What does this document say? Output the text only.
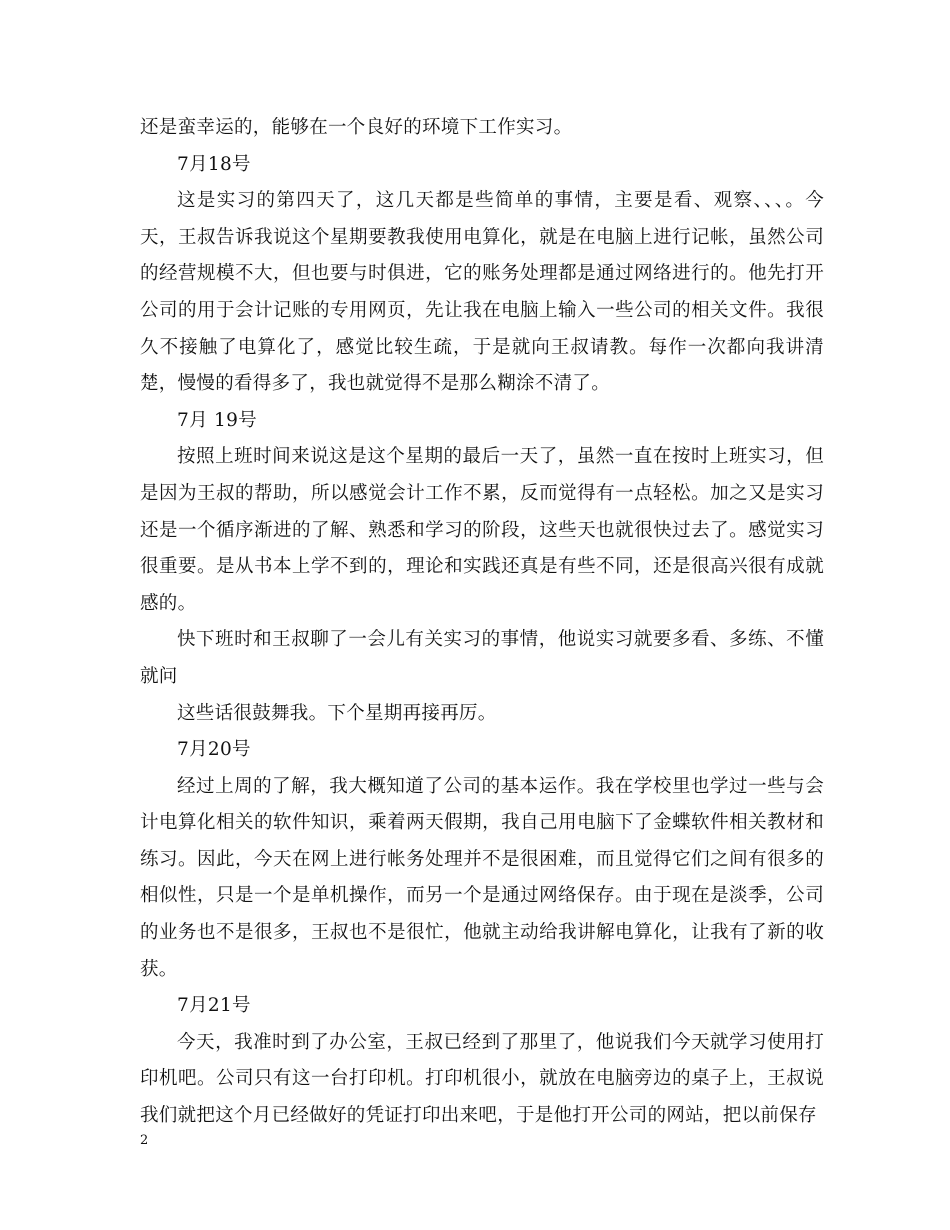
还是蛮幸运的，能够在一个良好的环境下工作实习。

7月18号

这是实习的第四天了，这几天都是些简单的事情，主要是看、观察、、、。今天，王叔告诉我说这个星期要教我使用电算化，就是在电脑上进行记帐，虽然公司的经营规模不大，但也要与时俱进，它的账务处理都是通过网络进行的。他先打开公司的用于会计记账的专用网页，先让我在电脑上输入一些公司的相关文件。我很久不接触了电算化了，感觉比较生疏，于是就向王叔请教。每作一次都向我讲清楚，慢慢的看得多了，我也就觉得不是那么糊涂不清了。

7月 19号

按照上班时间来说这是这个星期的最后一天了，虽然一直在按时上班实习，但是因为王叔的帮助，所以感觉会计工作不累，反而觉得有一点轻松。加之又是实习还是一个循序渐进的了解、熟悉和学习的阶段，这些天也就很快过去了。感觉实习很重要。是从书本上学不到的，理论和实践还真是有些不同，还是很高兴很有成就感的。

快下班时和王叔聊了一会儿有关实习的事情，他说实习就要多看、多练、不懂就问

这些话很鼓舞我。下个星期再接再厉。

7月20号

经过上周的了解，我大概知道了公司的基本运作。我在学校里也学过一些与会计电算化相关的软件知识，乘着两天假期，我自己用电脑下了金蝶软件相关教材和练习。因此，今天在网上进行帐务处理并不是很困难，而且觉得它们之间有很多的相似性，只是一个是单机操作，而另一个是通过网络保存。由于现在是淡季，公司的业务也不是很多，王叔也不是很忙，他就主动给我讲解电算化，让我有了新的收获。

7月21号

今天，我准时到了办公室，王叔已经到了那里了，他说我们今天就学习使用打印机吧。公司只有这一台打印机。打印机很小，就放在电脑旁边的桌子上，王叔说我们就把这个月已经做好的凭证打印出来吧，于是他打开公司的网站，把以前保存

2
